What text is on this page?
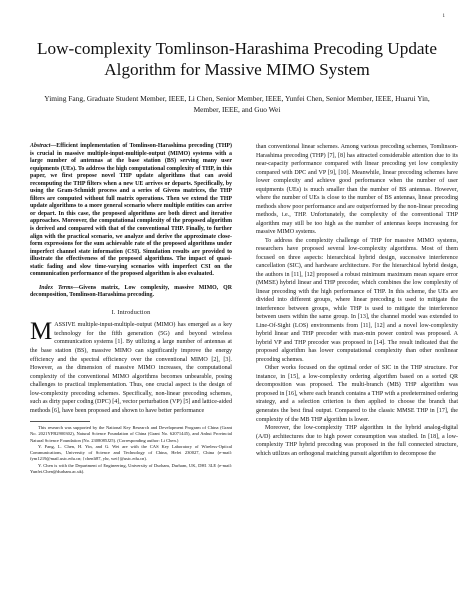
1
Low-complexity Tomlinson-Harashima Precoding Update Algorithm for Massive MIMO System
Yiming Fang, Graduate Student Member, IEEE, Li Chen, Senior Member, IEEE, Yunfei Chen, Senior Member, IEEE, Huarui Yin, Member, IEEE, and Guo Wei

Abstract—Efficient implementation of Tomlinson-Harashima precoding (THP) is crucial in massive multiple-input-multiple-output (MIMO) systems with a large number of antennas at the base station (BS) serving many user equipments (UEs). To address the high computational complexity of THP, in this paper, we first propose novel THP update algorithms that can avoid recomputing the THP filters when a new UE arrives or departs. Specifically, by using the Gram-Schmidt process and a series of Givens matrices, the THP filters are computed without full matrix operations. Then we extend the THP update algorithms to a more general scenario where multiple entities can arrive or depart. In this case, the proposed algorithms are both direct and iterative approaches. Moreover, the computational complexity of the proposed algorithm is derived and compared with that of the conventional THP. Finally, to further align with the practical scenario, we analyze and derive the approximate close-form expressions for the sum achievable rate of the proposed algorithms under imperfect channel state information (CSI). Simulation results are provided to illustrate the effectiveness of the proposed algorithms. The impact of quasi-static fading and slow time-varying scenarios with imperfect CSI on the communication performance of the proposed algorithm is also evaluated.

Index Terms—Givens matrix, Low complexity, massive MIMO, QR decomposition, Tomlinson-Harashima precoding.

I. Introduction

MASSIVE multiple-input-multiple-output (MIMO) has emerged as a key technology for the fifth generation (5G) and beyond wireless communication systems [1]. By utilizing a large number of antennas at the base station (BS), massive MIMO can significantly improve the energy efficiency and the spectral efficiency over the conventional MIMO [2], [3]. However, as the dimension of massive MIMO increases, the computational complexity of the conventional MIMO algorithms becomes unbearable, posing challenges to practical implementation. Thus, one crucial aspect is the design of low-complexity precoding schemes. Specifically, non-linear precoding schemes, such as dirty paper coding (DPC) [4], vector perturbation (VP) [5] and lattice-aided methods [6], have been proposed and shown to have better performance

This research was supported by the National Key Research and Development Program of China (Grant No. 2021YFB2900302), Natural Science Foundation of China (Grant No. 62071445), and Anhui Provincial Natural Science Foundation (No. 2308085J25). (Corresponding author: Li Chen.)

Y. Fang, L. Chen, H. Yin, and G. Wei are with the CAS Key Laboratory of Wireless-Optical Communications, University of Science and Technology of China, Hefei 230027, China (e-mail: fym1219@mail.ustc.edu.cn; {chenli87, yhr, wei}@ustc.edu.cn).

Y. Chen is with the Department of Engineering, University of Durham, Durham, UK, DH1 3LE (e-mail: Yunfei.Chen@durham.ac.uk).

than conventional linear schemes. Among various precoding schemes, Tomlinson-Harashima precoding (THP) [7], [8] has attracted considerable attention due to its near-capacity performance compared with linear precoding yet low complexity compared with DPC and VP [9], [10]. Meanwhile, linear precoding schemes have lower complexity and achieve good performance when the number of user equipments (UEs) is much smaller than the number of BS antennas. However, where the number of UEs is close to the number of BS antennas, linear precoding methods show poor performance and are outperformed by the non-linear precoding methods, i.e., THP. Unfortunately, the complexity of the conventional THP algorithm may still be too high as the number of antennas keeps increasing for massive MIMO systems.

To address the complexity challenge of THP for massive MIMO systems, researchers have proposed several low-complexity algorithms. Most of them focused on three aspects: hierarchical hybrid design, successive interference cancellation (SIC), and hardware architecture. For the hierarchical hybrid design, the authors in [11], [12] proposed a robust minimum maximum mean square error (MMSE) hybrid linear and THP precoder, which combines the low complexity of linear precoding with the high performance of THP. In this scheme, the UEs are divided into different groups, where linear precoding is used to mitigate the interference between groups, while THP is used to mitigate the interference between users within the same group. In [13], the channel model was extended to Line-Of-Sight (LOS) environments from [11], [12] and a novel low-complexity hybrid linear and THP precoder with max-min power control was proposed. A hybrid VP and THP precoder was proposed in [14]. The result indicated that the proposed algorithm has lower computational complexity than other nonlinear precoding schemes.

Other works focused on the optimal order of SIC in the THP structure. For instance, in [15], a low-complexity ordering algorithm based on a sorted QR decomposition was proposed. The multi-branch (MB) THP algorithm was proposed in [16], where each branch contains a THP with a predetermined ordering strategy, and a selection criterion is then applied to choose the branch that generates the best final output. Compared to the classic MMSE THP in [17], the complexity of the MB THP algorithm is lower.

Moreover, the low-complexity THP algorithm in the hybrid analog-digital (A/D) architectures due to high power consumption was studied. In [18], a low-complexity THP hybrid precoding was proposed in the full connected structure, which utilizes an orthogonal matching pursuit algorithm to decompose the
